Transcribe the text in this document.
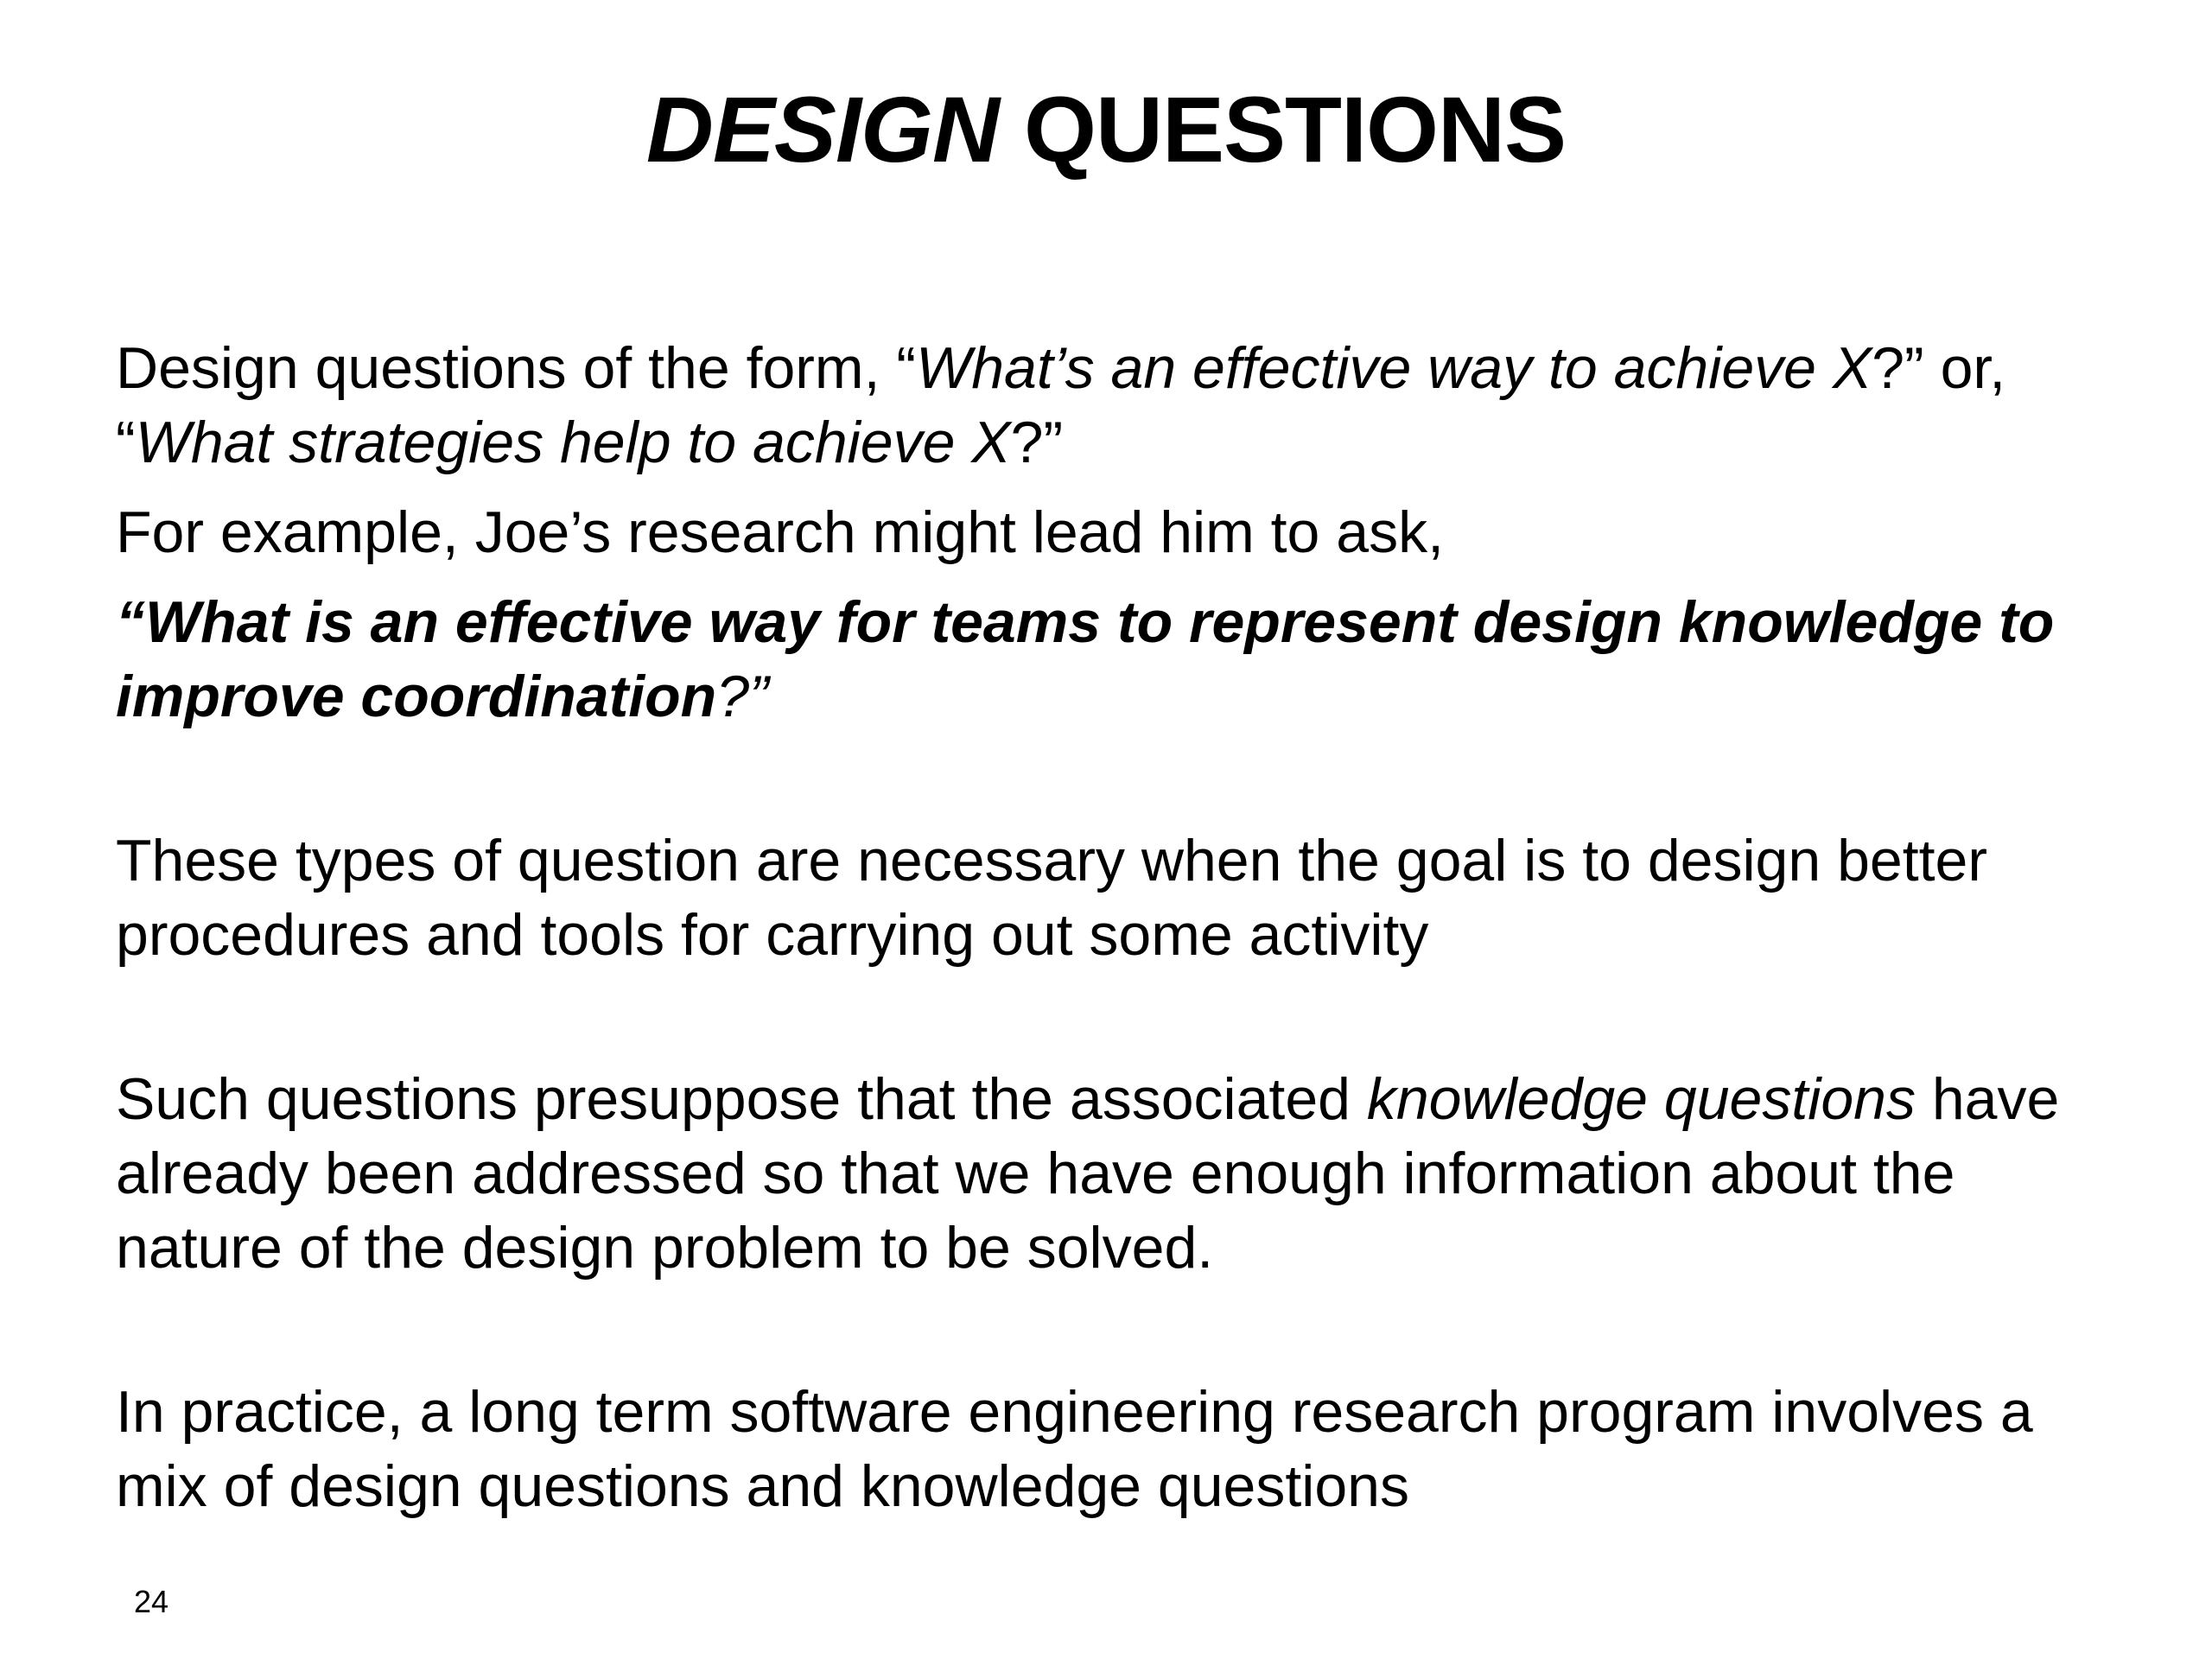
DESIGN QUESTIONS

Design questions of the form, “What’s an effective way to achieve X?” or, “What strategies help to achieve X?”

For example, Joe’s research might lead him to ask,

“What is an effective way for teams to represent design knowledge to improve coordination?”

These types of question are necessary when the goal is to design better procedures and tools for carrying out some activity

Such questions presuppose that the associated knowledge questions have already been addressed so that we have enough information about the nature of the design problem to be solved.

In practice, a long term software engineering research program involves a mix of design questions and knowledge questions

24
